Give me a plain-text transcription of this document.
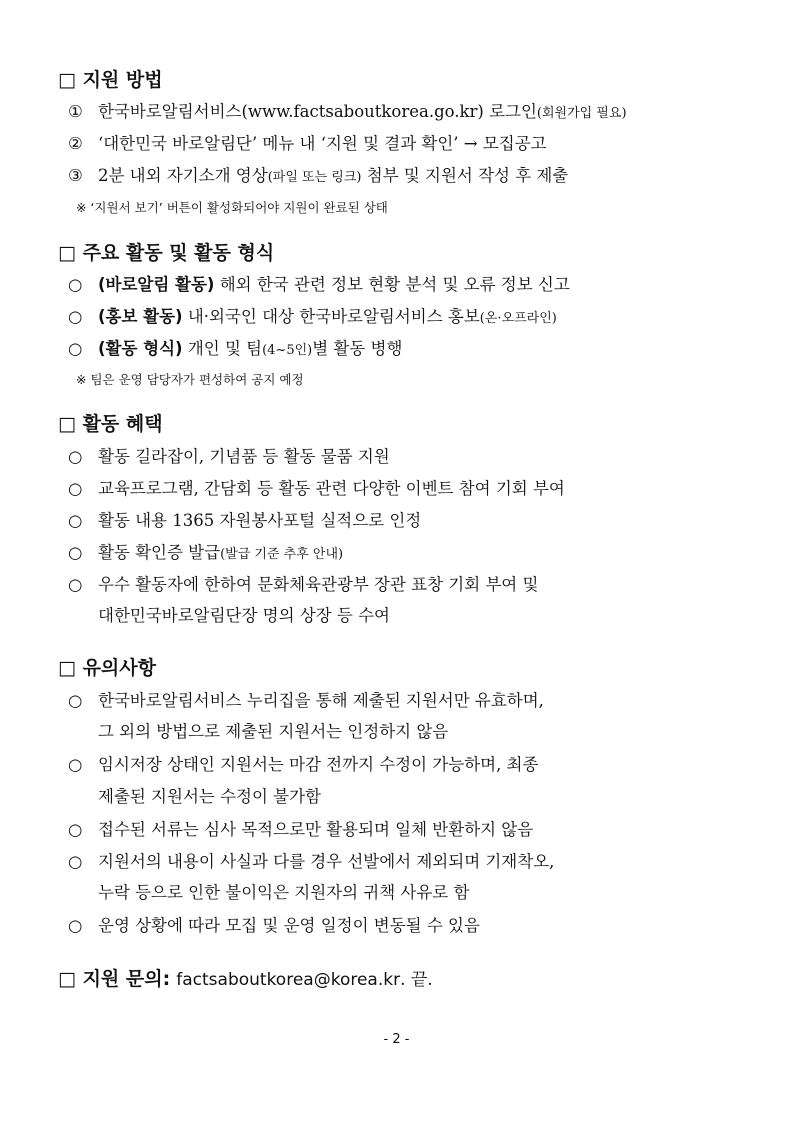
□ 지원 방법
① 한국바로알림서비스(www.factsaboutkorea.go.kr) 로그인(회원가입 필요)
② ‘대한민국 바로알림단’ 메뉴 내 ‘지원 및 결과 확인’ → 모집공고
③ 2분 내외 자기소개 영상(파일 또는 링크) 첨부 및 지원서 작성 후 제출
※ ‘지원서 보기’ 버튼이 활성화되어야 지원이 완료된 상태
□ 주요 활동 및 활동 형식
○ (바로알림 활동) 해외 한국 관련 정보 현황 분석 및 오류 정보 신고
○ (홍보 활동) 내·외국인 대상 한국바로알림서비스 홍보(온·오프라인)
○ (활동 형식) 개인 및 팀(4~5인)별 활동 병행
※ 팀은 운영 담당자가 편성하여 공지 예정
□ 활동 혜택
○ 활동 길라잡이, 기념품 등 활동 물품 지원
○ 교육프로그램, 간담회 등 활동 관련 다양한 이벤트 참여 기회 부여
○ 활동 내용 1365 자원봉사포털 실적으로 인정
○ 활동 확인증 발급(발급 기준 추후 안내)
○ 우수 활동자에 한하여 문화체육관광부 장관 표창 기회 부여 및
대한민국바로알림단장 명의 상장 등 수여
□ 유의사항
○ 한국바로알림서비스 누리집을 통해 제출된 지원서만 유효하며,
그 외의 방법으로 제출된 지원서는 인정하지 않음
○ 임시저장 상태인 지원서는 마감 전까지 수정이 가능하며, 최종
제출된 지원서는 수정이 불가함
○ 접수된 서류는 심사 목적으로만 활용되며 일체 반환하지 않음
○ 지원서의 내용이 사실과 다를 경우 선발에서 제외되며 기재착오,
누락 등으로 인한 불이익은 지원자의 귀책 사유로 함
○ 운영 상황에 따라 모집 및 운영 일정이 변동될 수 있음
□ 지원 문의: factsaboutkorea@korea.kr. 끝.
- 2 -
